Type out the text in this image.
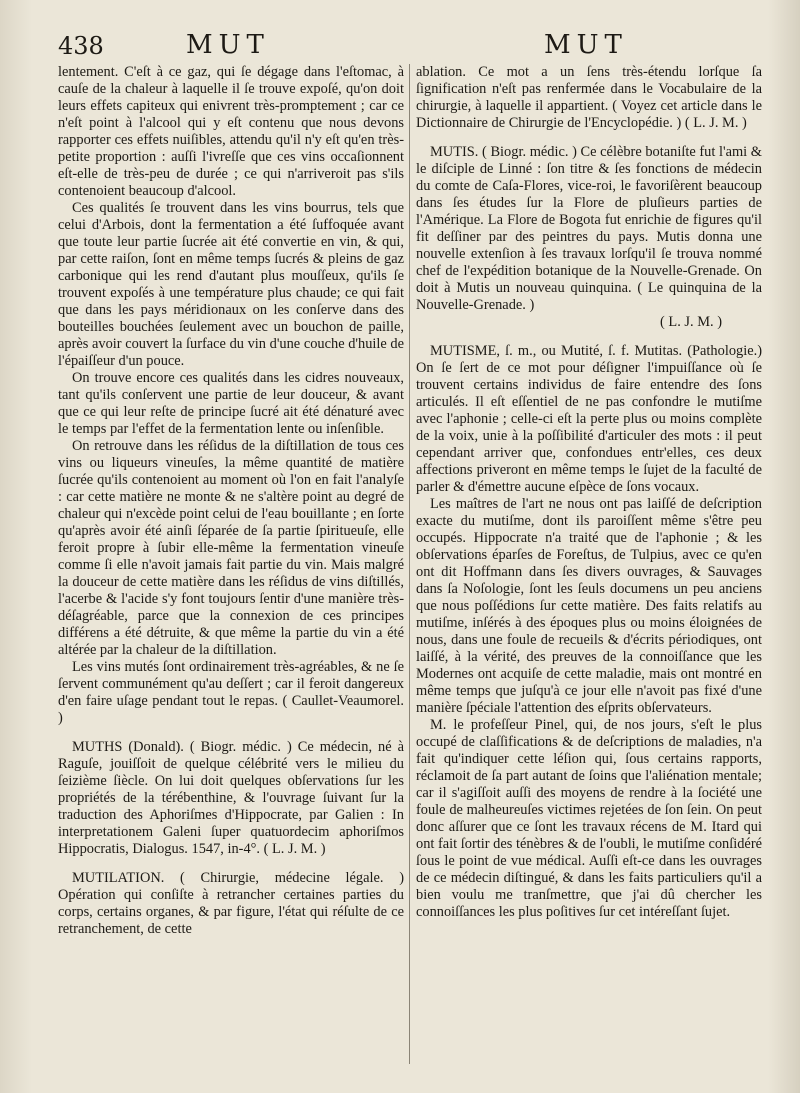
438	MUT	MUT

lentement. C'eſt à ce gaz, qui ſe dégage dans l'eſtomac, à cauſe de la chaleur à laquelle il ſe trouve expoſé, qu'on doit leurs effets capiteux qui enivrent très-promptement ; car ce n'eſt point à l'alcool qui y eſt contenu que nous devons rapporter ces effets nuiſibles, attendu qu'il n'y eſt qu'en très-petite proportion : auſſi l'ivreſſe que ces vins occaſionnent eſt-elle de très-peu de durée ; ce qui n'arriveroit pas s'ils contenoient beaucoup d'alcool.

Ces qualités ſe trouvent dans les vins bourrus, tels que celui d'Arbois, dont la fermentation a été ſuffoquée avant que toute leur partie ſucrée ait été convertie en vin, & qui, par cette raiſon, ſont en même temps ſucrés & pleins de gaz carbonique qui les rend d'autant plus mouſſeux, qu'ils ſe trouvent expoſés à une température plus chaude; ce qui fait que dans les pays méridionaux on les conſerve dans des bouteilles bouchées ſeulement avec un bouchon de paille, après avoir couvert la ſurface du vin d'une couche d'huile de l'épaiſſeur d'un pouce.

On trouve encore ces qualités dans les cidres nouveaux, tant qu'ils conſervent une partie de leur douceur, & avant que ce qui leur reſte de principe ſucré ait été dénaturé avec le temps par l'effet de la fermentation lente ou inſenſible.

On retrouve dans les réſidus de la diſtillation de tous ces vins ou liqueurs vineuſes, la même quantité de matière ſucrée qu'ils contenoient au moment où l'on en fait l'analyſe : car cette matière ne monte & ne s'altère point au degré de chaleur qui n'excède point celui de l'eau bouillante ; en ſorte qu'après avoir été ainſi ſéparée de ſa partie ſpiritueuſe, elle feroit propre à ſubir elle-même la fermentation vineuſe comme ſi elle n'avoit jamais fait partie du vin. Mais malgré la douceur de cette matière dans les réſidus de vins diſtillés, l'acerbe & l'acide s'y font toujours ſentir d'une manière très-déſagréable, parce que la connexion de ces principes différens a été détruite, & que même la partie du vin a été altérée par la chaleur de la diſtillation.

Les vins mutés ſont ordinairement très-agréables, & ne ſe ſervent communément qu'au deſſert ; car il feroit dangereux d'en faire uſage pendant tout le repas. ( Caullet-Veaumorel. )

MUTHS (Donald). ( Biogr. médic. ) Ce médecin, né à Raguſe, jouiſſoit de quelque célébrité vers le milieu du ſeizième ſiècle. On lui doit quelques obſervations ſur les propriétés de la térébenthine, & l'ouvrage ſuivant ſur la traduction des Aphoriſmes d'Hippocrate, par Galien : In interpretationem Galeni ſuper quatuordecim aphoriſmos Hippocratis, Dialogus. 1547, in-4°. ( L. J. M. )

MUTILATION. ( Chirurgie, médecine légale. ) Opération qui conſiſte à retrancher certaines parties du corps, certains organes, & par figure, l'état qui réſulte de ce retranchement, de cette

ablation. Ce mot a un ſens très-étendu lorſque ſa ſignification n'eſt pas renfermée dans le Vocabulaire de la chirurgie, à laquelle il appartient. ( Voyez cet article dans le Dictionnaire de Chirurgie de l'Encyclopédie. ) ( L. J. M. )

MUTIS. ( Biogr. médic. ) Ce célèbre botaniſte fut l'ami & le diſciple de Linné : ſon titre & ſes fonctions de médecin du comte de Caſa-Flores, vice-roi, le favoriſèrent beaucoup dans ſes études ſur la Flore de pluſieurs parties de l'Amérique. La Flore de Bogota fut enrichie de figures qu'il fit deſſiner par des peintres du pays. Mutis donna une nouvelle extenſion à ſes travaux lorſqu'il ſe trouva nommé chef de l'expédition botanique de la Nouvelle-Grenade. On doit à Mutis un nouveau quinquina. ( Le quinquina de la Nouvelle-Grenade. )

( L. J. M. )

MUTISME, ſ. m., ou Mutité, ſ. f. Mutitas. (Pathologie.) On ſe ſert de ce mot pour déſigner l'impuiſſance où ſe trouvent certains individus de faire entendre des ſons articulés. Il eſt eſſentiel de ne pas confondre le mutiſme avec l'aphonie ; celle-ci eſt la perte plus ou moins complète de la voix, unie à la poſſibilité d'articuler des mots : il peut cependant arriver que, confondues entr'elles, ces deux affections priveront en même temps le ſujet de la faculté de parler & d'émettre aucune eſpèce de ſons vocaux.

Les maîtres de l'art ne nous ont pas laiſſé de deſcription exacte du mutiſme, dont ils paroiſſent même s'être peu occupés. Hippocrate n'a traité que de l'aphonie ; & les obſervations éparſes de Foreſtus, de Tulpius, avec ce qu'en ont dit Hoffmann dans ſes divers ouvrages, & Sauvages dans ſa Noſologie, ſont les ſeuls documens un peu anciens que nous poſſédions ſur cette matière. Des faits relatifs au mutiſme, inſérés à des époques plus ou moins éloignées de nous, dans une foule de recueils & d'écrits périodiques, ont laiſſé, à la vérité, des preuves de la connoiſſance que les Modernes ont acquiſe de cette maladie, mais ont montré en même temps que juſqu'à ce jour elle n'avoit pas fixé d'une manière ſpéciale l'attention des eſprits obſervateurs.

M. le profeſſeur Pinel, qui, de nos jours, s'eſt le plus occupé de claſſifications & de deſcriptions de maladies, n'a fait qu'indiquer cette léſion qui, ſous certains rapports, réclamoit de ſa part autant de ſoins que l'aliénation mentale; car il s'agiſſoit auſſi des moyens de rendre à la ſociété une foule de malheureuſes victimes rejetées de ſon ſein. On peut donc aſſurer que ce ſont les travaux récens de M. Itard qui ont fait ſortir des ténèbres & de l'oubli, le mutiſme conſidéré ſous le point de vue médical. Auſſi eſt-ce dans les ouvrages de ce médecin diſtingué, & dans les faits particuliers qu'il a bien voulu me tranſmettre, que j'ai dû chercher les connoiſſances les plus poſitives ſur cet intéreſſant ſujet.
